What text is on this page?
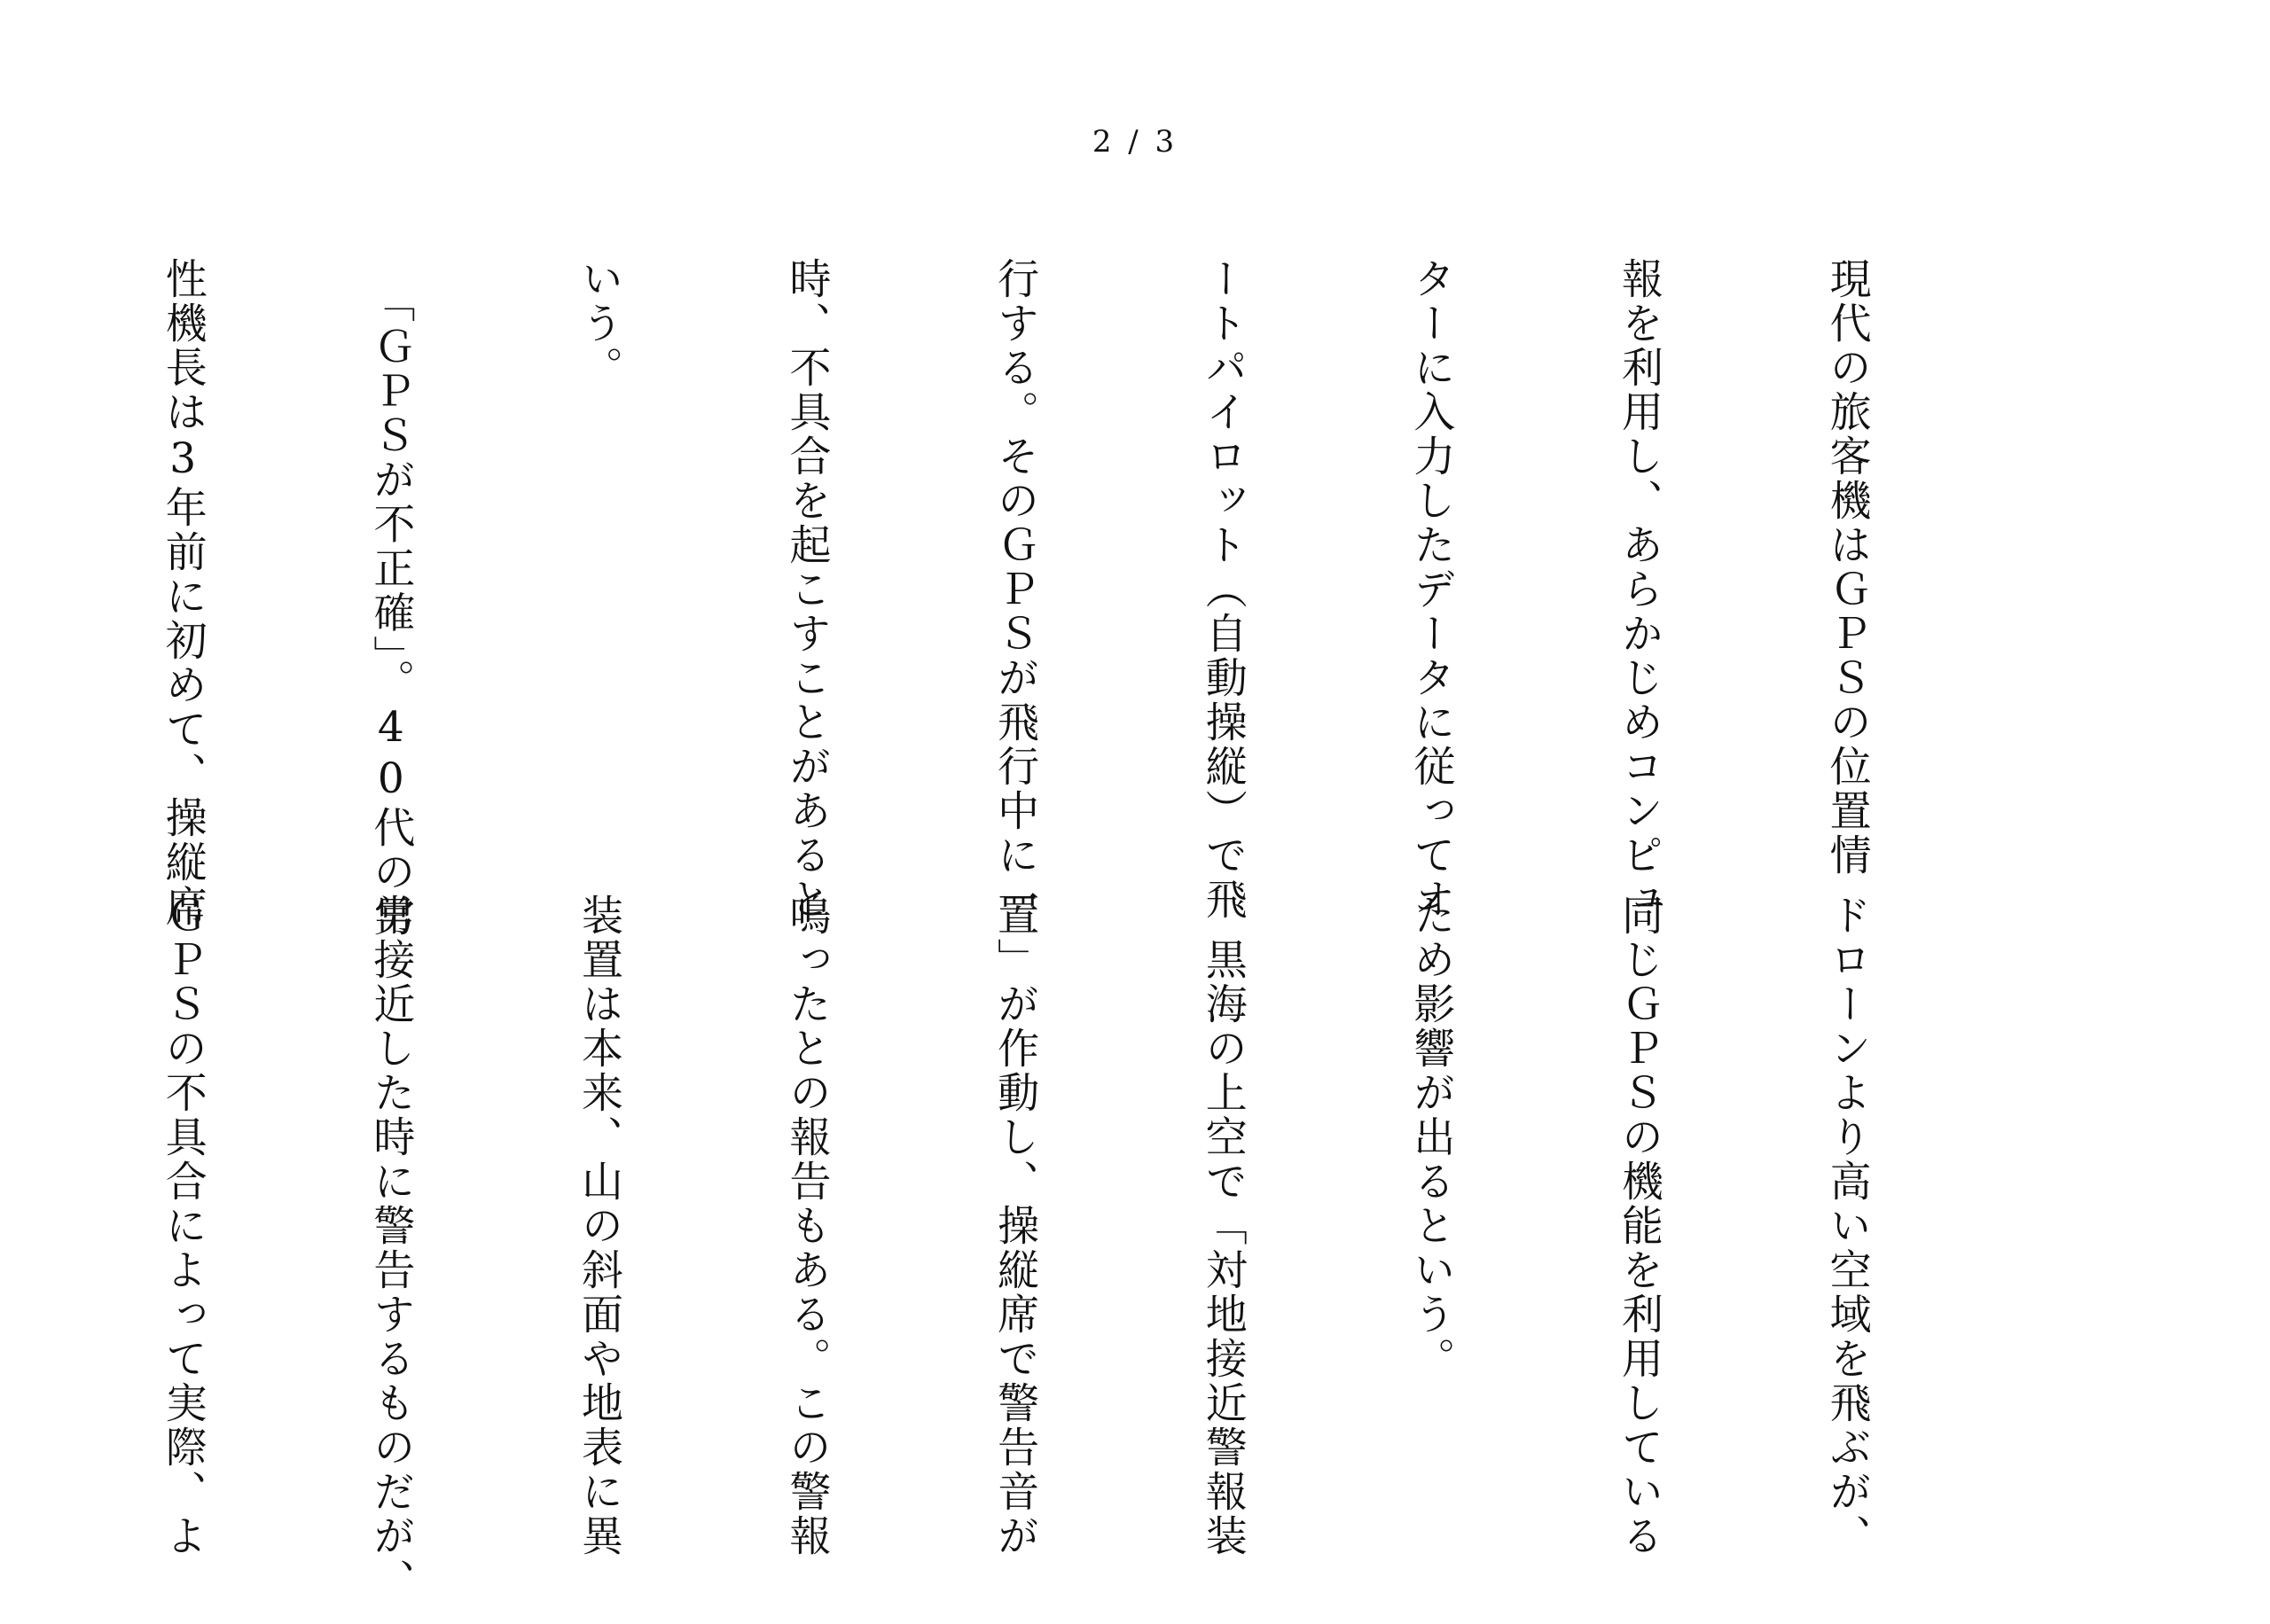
2 / 3

現代の旅客機はＧＰＳの位置情

報を利用し、あらかじめコンピュ

ターに入力したデータに従ってオ

ートパイロット（自動操縦）で飛

行する。そのＧＰＳが飛行中に一

時、不具合を起こすことがあると

いう。

　「ＧＰＳが不正確」。40代の男

性機長は3年前に初めて、操縦席

ドローンより高い空域を飛ぶが、

同じＧＰＳの機能を利用している

ため影響が出るという。

　黒海の上空で「対地接近警報装

置」が作動し、操縦席で警告音が

鳴ったとの報告もある。この警報

装置は本来、山の斜面や地表に異

常接近した時に警告するものだが、

ＧＰＳの不具合によって実際、よ
